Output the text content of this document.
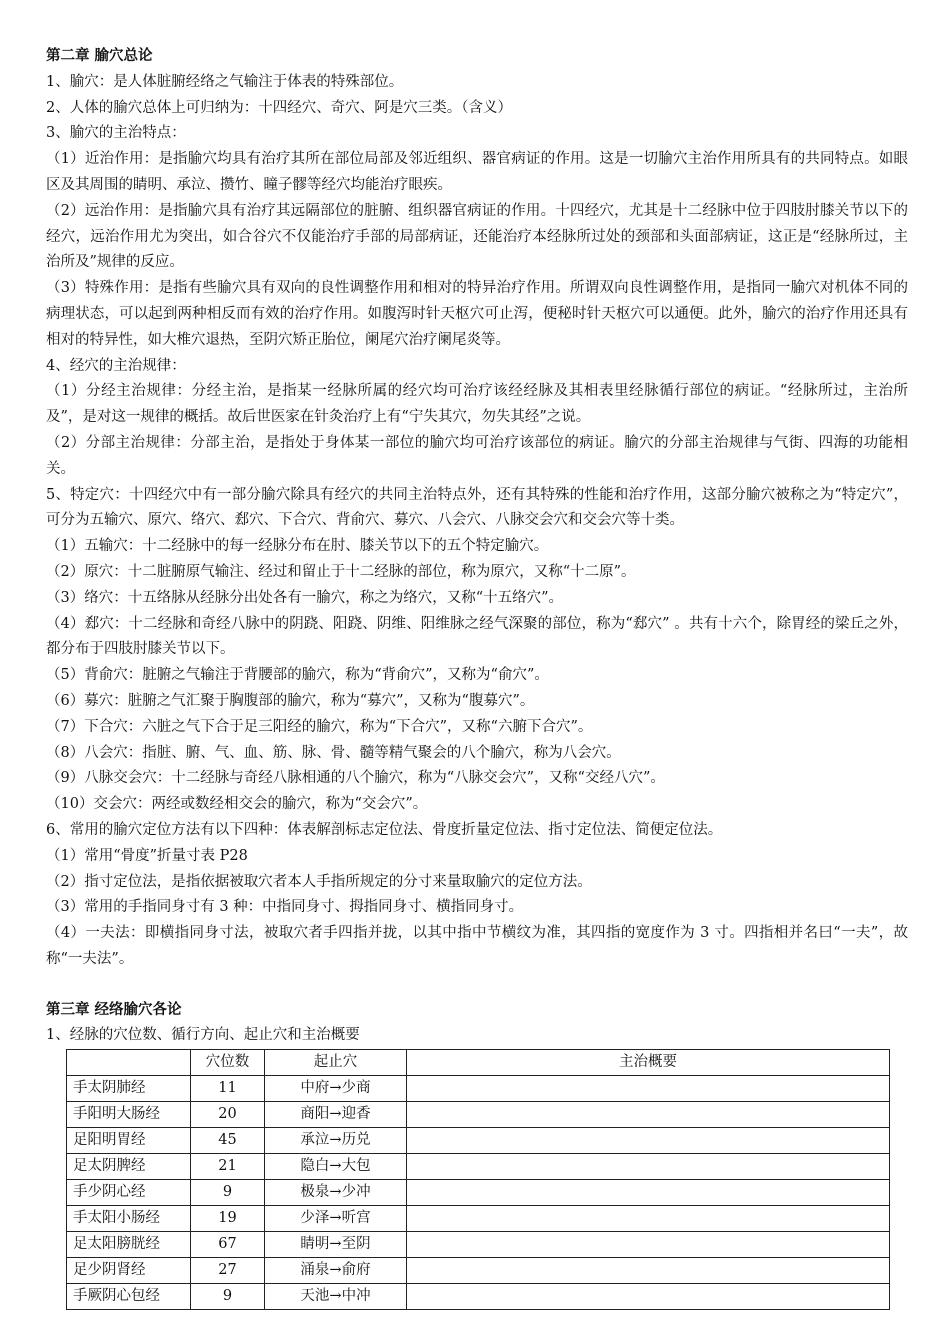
第二章 腧穴总论

1、腧穴：是人体脏腑经络之气输注于体表的特殊部位。

2、人体的腧穴总体上可归纳为：十四经穴、奇穴、阿是穴三类。（含义）

3、腧穴的主治特点：

（1）近治作用：是指腧穴均具有治疗其所在部位局部及邻近组织、器官病证的作用。这是一切腧穴主治作用所具有的共同特点。如眼区及其周围的睛明、承泣、攒竹、瞳子髎等经穴均能治疗眼疾。

（2）远治作用：是指腧穴具有治疗其远隔部位的脏腑、组织器官病证的作用。十四经穴，尤其是十二经脉中位于四肢肘膝关节以下的经穴，远治作用尤为突出，如合谷穴不仅能治疗手部的局部病证，还能治疗本经脉所过处的颈部和头面部病证，这正是“经脉所过，主治所及”规律的反应。

（3）特殊作用：是指有些腧穴具有双向的良性调整作用和相对的特异治疗作用。所谓双向良性调整作用，是指同一腧穴对机体不同的病理状态，可以起到两种相反而有效的治疗作用。如腹泻时针天枢穴可止泻，便秘时针天枢穴可以通便。此外，腧穴的治疗作用还具有相对的特异性，如大椎穴退热，至阴穴矫正胎位，阑尾穴治疗阑尾炎等。

4、经穴的主治规律：

（1）分经主治规律：分经主治，是指某一经脉所属的经穴均可治疗该经经脉及其相表里经脉循行部位的病证。“经脉所过，主治所及”，是对这一规律的概括。故后世医家在针灸治疗上有“宁失其穴，勿失其经”之说。

（2）分部主治规律：分部主治，是指处于身体某一部位的腧穴均可治疗该部位的病证。腧穴的分部主治规律与气街、四海的功能相关。

5、特定穴：十四经穴中有一部分腧穴除具有经穴的共同主治特点外，还有其特殊的性能和治疗作用，这部分腧穴被称之为“特定穴”，可分为五输穴、原穴、络穴、郄穴、下合穴、背俞穴、募穴、八会穴、八脉交会穴和交会穴等十类。

（1）五输穴：十二经脉中的每一经脉分布在肘、膝关节以下的五个特定腧穴。

（2）原穴：十二脏腑原气输注、经过和留止于十二经脉的部位，称为原穴，又称“十二原”。

（3）络穴：十五络脉从经脉分出处各有一腧穴，称之为络穴，又称“十五络穴”。

（4）郄穴：十二经脉和奇经八脉中的阴跷、阳跷、阴维、阳维脉之经气深聚的部位，称为“郄穴” 。共有十六个，除胃经的梁丘之外，都分布于四肢肘膝关节以下。

（5）背俞穴：脏腑之气输注于背腰部的腧穴，称为“背俞穴”，又称为“俞穴”。

（6）募穴：脏腑之气汇聚于胸腹部的腧穴，称为“募穴”，又称为“腹募穴”。

（7）下合穴：六脏之气下合于足三阳经的腧穴，称为“下合穴”，又称“六腑下合穴”。

（8）八会穴：指脏、腑、气、血、筋、脉、骨、髓等精气聚会的八个腧穴，称为八会穴。

（9）八脉交会穴：十二经脉与奇经八脉相通的八个腧穴，称为“八脉交会穴”，又称“交经八穴”。

（10）交会穴：两经或数经相交会的腧穴，称为“交会穴”。

6、常用的腧穴定位方法有以下四种：体表解剖标志定位法、骨度折量定位法、指寸定位法、简便定位法。

（1）常用“骨度”折量寸表 P28

（2）指寸定位法，是指依据被取穴者本人手指所规定的分寸来量取腧穴的定位方法。

（3）常用的手指同身寸有 3 种：中指同身寸、拇指同身寸、横指同身寸。

（4）一夫法：即横指同身寸法，被取穴者手四指并拢，以其中指中节横纹为准，其四指的宽度作为 3 寸。四指相并名曰“一夫”，故称“一夫法”。

第三章 经络腧穴各论

1、经脉的穴位数、循行方向、起止穴和主治概要

	穴位数	起止穴	主治概要
手太阴肺经	11	中府→少商	
手阳明大肠经	20	商阳→迎香	
足阳明胃经	45	承泣→历兑	
足太阴脾经	21	隐白→大包	
手少阴心经	9	极泉→少冲	
手太阳小肠经	19	少泽→听宫	
足太阳膀胱经	67	睛明→至阴	
足少阴肾经	27	涌泉→俞府	
手厥阴心包经	9	天池→中冲	
